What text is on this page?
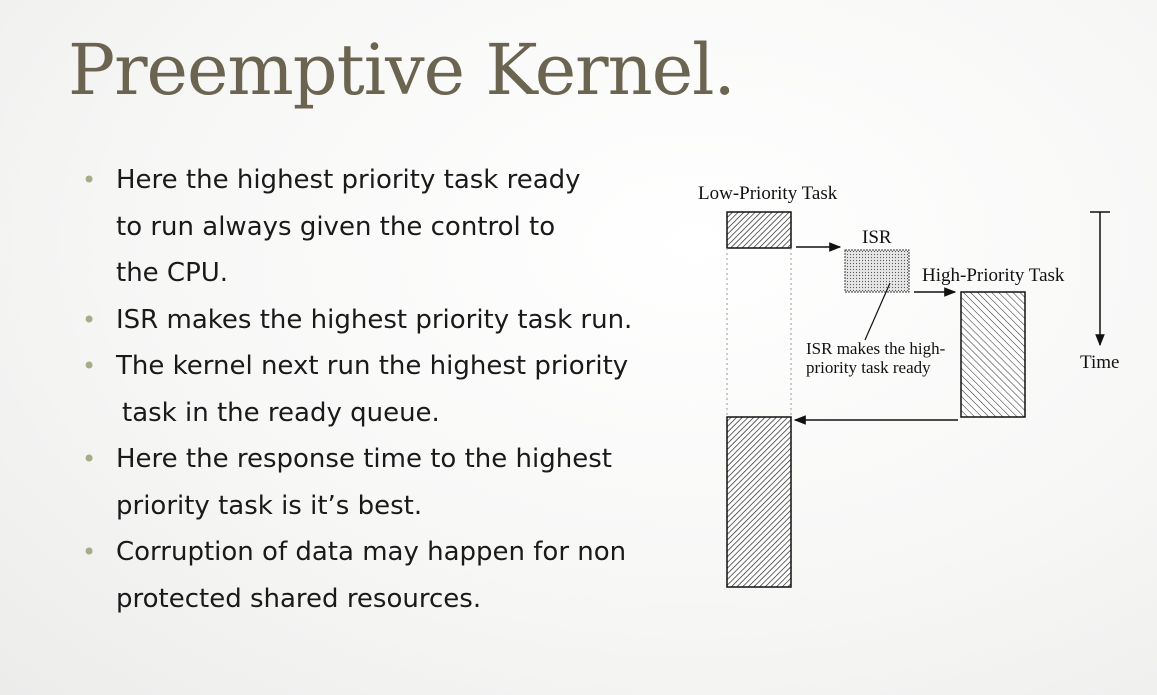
Preemptive Kernel.
• Here the highest priority task ready
to run always given the control to
the CPU.
• ISR makes the highest priority task run.
• The kernel next run the highest priority
task in the ready queue.
• Here the response time to the highest
priority task is it’s best.
• Corruption of data may happen for non
protected shared resources.
Low-Priority Task
ISR
High-Priority Task
ISR makes the high-
priority task ready	Time
